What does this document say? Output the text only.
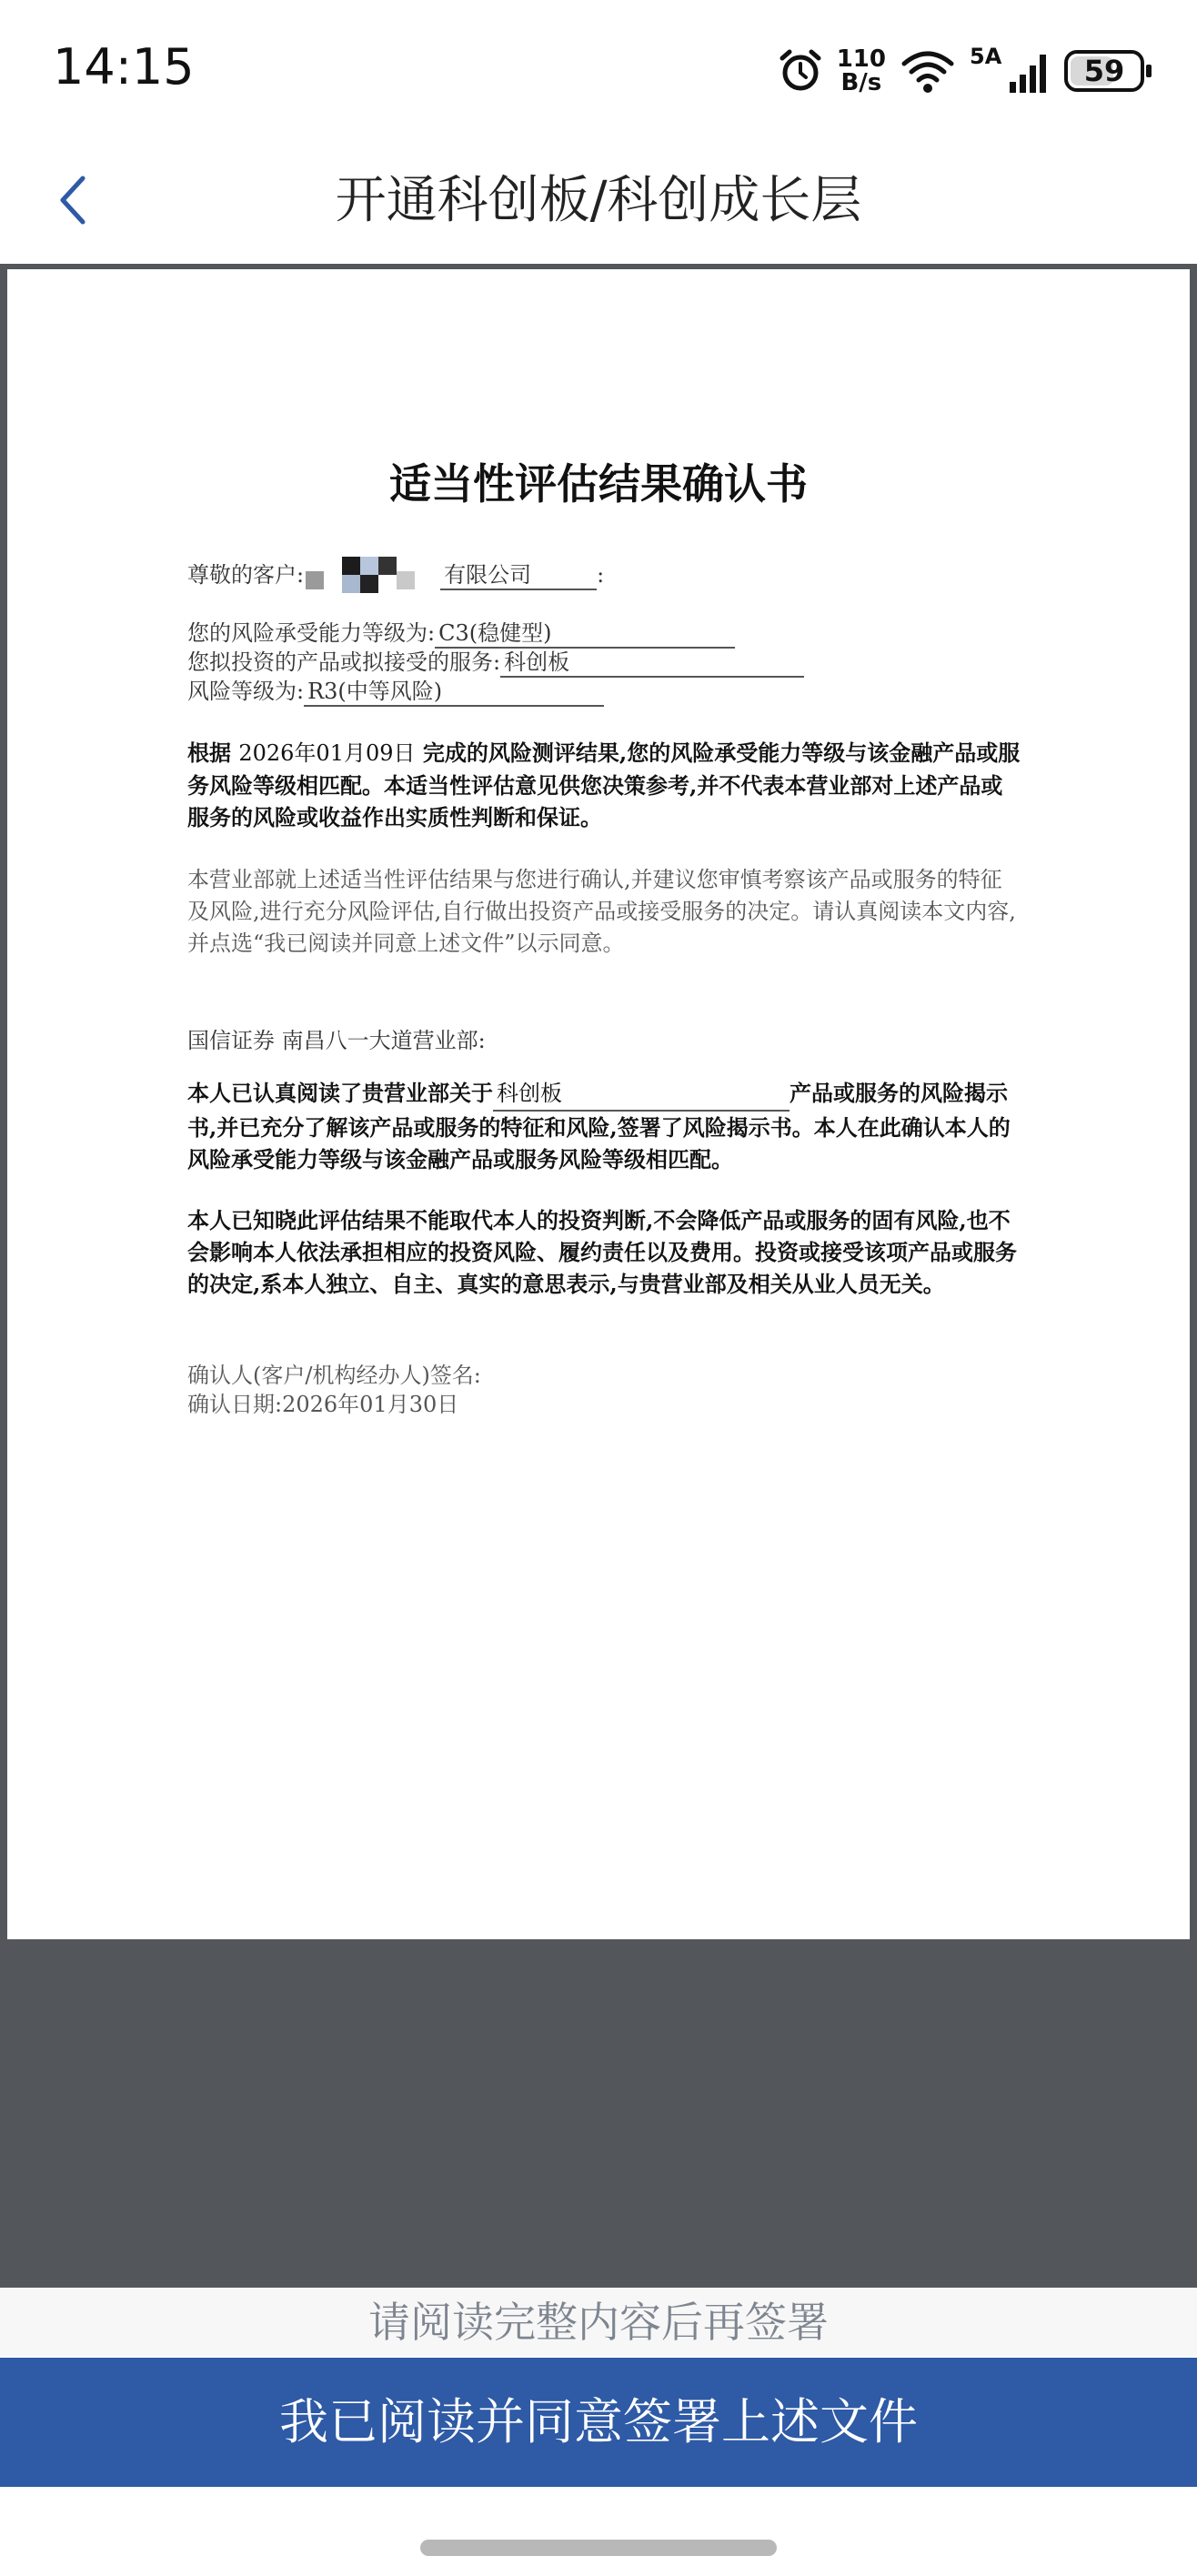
14:15	110
B/s
5A	59
开通科创板/科创成长层
适当性评估结果确认书
尊敬的客户:	有限公司	:
您的风险承受能力等级为: C3(稳健型)
您拟投资的产品或拟接受的服务: 科创板
风险等级为: R3(中等风险)
根据 2026年01月09日 完成的风险测评结果,您的风险承受能力等级与该金融产品或服务风险等级相匹配。本适当性评估意见供您决策参考,并不代表本营业部对上述产品或服务的风险或收益作出实质性判断和保证。
本营业部就上述适当性评估结果与您进行确认,并建议您审慎考察该产品或服务的特征及风险,进行充分风险评估,自行做出投资产品或接受服务的决定。请认真阅读本文内容,并点选“我已阅读并同意上述文件”以示同意。
国信证券 南昌八一大道营业部:
本人已认真阅读了贵营业部关于 科创板	产品或服务的风险揭示书,并已充分了解该产品或服务的特征和风险,签署了风险揭示书。本人在此确认本人的风险承受能力等级与该金融产品或服务风险等级相匹配。
本人已知晓此评估结果不能取代本人的投资判断,不会降低产品或服务的固有风险,也不会影响本人依法承担相应的投资风险、履约责任以及费用。投资或接受该项产品或服务的决定,系本人独立、自主、真实的意思表示,与贵营业部及相关从业人员无关。
确认人(客户/机构经办人)签名:
确认日期:2026年01月30日
请阅读完整内容后再签署
我已阅读并同意签署上述文件
